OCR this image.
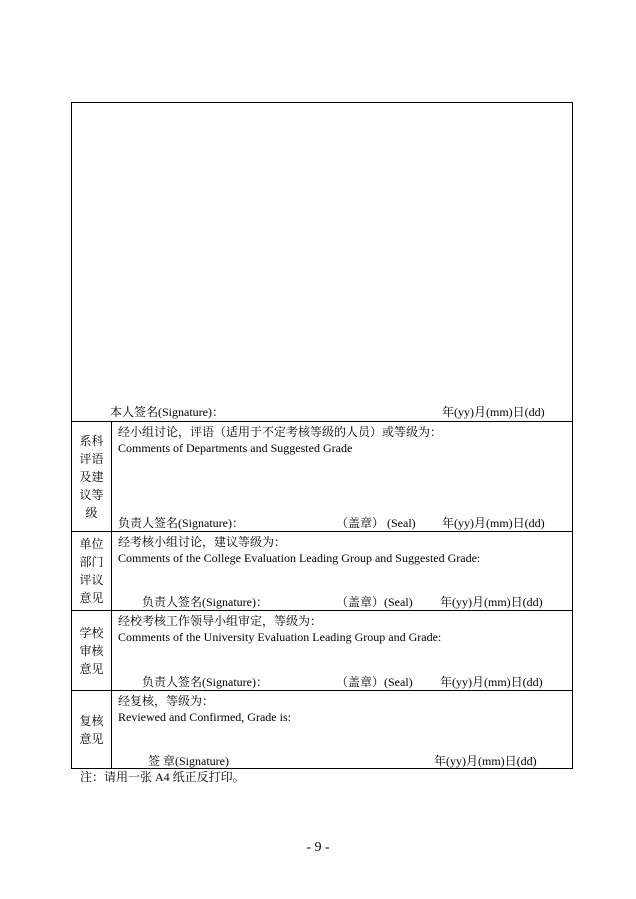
本人签名(Signature)：	年(yy)月(mm)日(dd)
系科评语及建议等级
经小组讨论，评语（适用于不定考核等级的人员）或等级为：
Comments of Departments and Suggested Grade
负责人签名(Signature)：	（盖章） (Seal) 年(yy)月(mm)日(dd)
单位部门评议意见
经考核小组讨论，建议等级为：
Comments of the College Evaluation Leading Group and Suggested Grade:
负责人签名(Signature)：	（盖章）(Seal) 年(yy)月(mm)日(dd)
学校审核意见
经校考核工作领导小组审定，等级为：
Comments of the University Evaluation Leading Group and Grade:
负责人签名(Signature)：	（盖章）(Seal) 年(yy)月(mm)日(dd)
复核意见
经复核，等级为：
Reviewed and Confirmed, Grade is:
签 章(Signature)	年(yy)月(mm)日(dd)
注：请用一张 A4 纸正反打印。
- 9 -
